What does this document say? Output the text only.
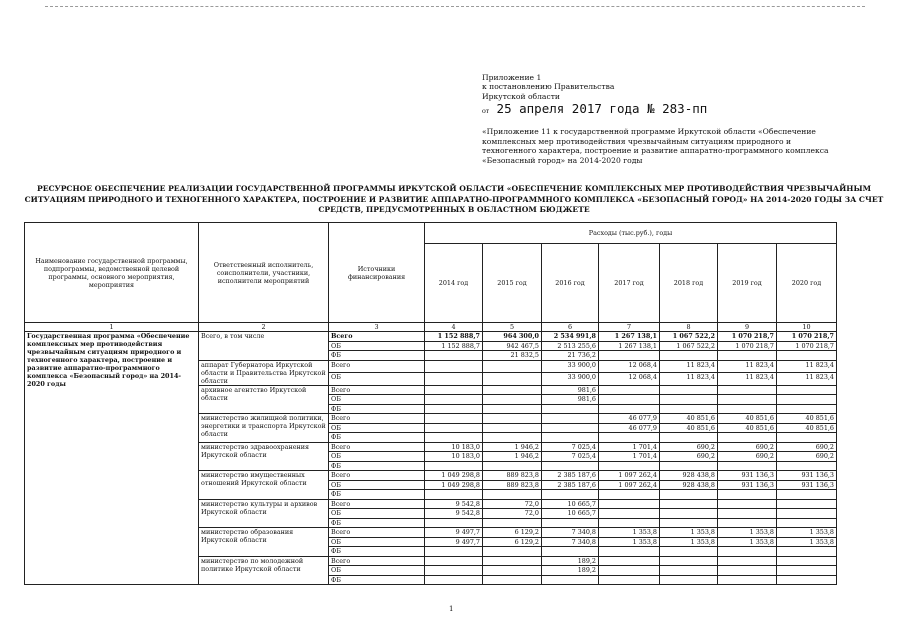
Приложение 1
к постановлению Правительства
Иркутской области
от 25 апреля 2017 года № 283-пп
«Приложение 11 к государственной программе Иркутской области «Обеспечение комплексных мер противодействия чрезвычайным ситуациям природного и техногенного характера, построение и развитие аппаратно-программного комплекса «Безопасный город» на 2014-2020 годы
РЕСУРСНОЕ ОБЕСПЕЧЕНИЕ РЕАЛИЗАЦИИ ГОСУДАРСТВЕННОЙ ПРОГРАММЫ ИРКУТСКОЙ ОБЛАСТИ «ОБЕСПЕЧЕНИЕ КОМПЛЕКСНЫХ МЕР ПРОТИВОДЕЙСТВИЯ ЧРЕЗВЫЧАЙНЫМ СИТУАЦИЯМ ПРИРОДНОГО И ТЕХНОГЕННОГО ХАРАКТЕРА, ПОСТРОЕНИЕ И РАЗВИТИЕ АППАРАТНО-ПРОГРАММНОГО КОМПЛЕКСА «БЕЗОПАСНЫЙ ГОРОД» НА 2014-2020 ГОДЫ ЗА СЧЕТ СРЕДСТВ, ПРЕДУСМОТРЕННЫХ В ОБЛАСТНОМ БЮДЖЕТЕ
Наименование государственной программы, подпрограммы, ведомственной целевой программы, основного мероприятия, мероприятия	Ответственный исполнитель, соисполнители, участники, исполнители мероприятий	Источники финансирования	Расходы (тыс.руб.), годы						
			2014 год	2015 год	2016 год	2017 год	2018 год	2019 год	2020 год
1	2	3	4	5	6	7	8	9	10
Государственная программа «Обеспечение комплексных мер противодействия чрезвычайным ситуациям природного и техногенного характера, построение и развитие аппаратно-программного комплекса «Безопасный город» на 2014-2020 годы	Всего, в том числе	Всего	1 152 888,7	964 300,0	2 534 991,8	1 267 138,1	1 067 522,2	1 070 218,7	1 070 218,7
		ОБ	1 152 888,7	942 467,5	2 513 255,6	1 267 138,1	1 067 522,2	1 070 218,7	1 070 218,7
		ФБ		21 832,5	21 736,2				
	аппарат Губернатора Иркутской области и Правительства Иркутской области	Всего			33 900,0	12 068,4	11 823,4	11 823,4	11 823,4
		ОБ			33 900,0	12 068,4	11 823,4	11 823,4	11 823,4
	архивное агентство Иркутской области	Всего			981,6				
		ОБ			981,6				
		ФБ							
	министерство жилищной политики, энергетики и транспорта Иркутской области	Всего				46 077,9	40 851,6	40 851,6	40 851,6
		ОБ				46 077,9	40 851,6	40 851,6	40 851,6
		ФБ							
	министерство здравоохранения Иркутской области	Всего	10 183,0	1 946,2	7 025,4	1 701,4	690,2	690,2	690,2
		ОБ	10 183,0	1 946,2	7 025,4	1 701,4	690,2	690,2	690,2
		ФБ							
	министерство имущественных отношений Иркутской области	Всего	1 049 298,8	889 823,8	2 385 187,6	1 097 262,4	928 438,8	931 136,3	931 136,3
		ОБ	1 049 298,8	889 823,8	2 385 187,6	1 097 262,4	928 438,8	931 136,3	931 136,3
		ФБ							
	министерство культуры и архивов Иркутской области	Всего	9 542,8	72,0	10 665,7				
		ОБ	9 542,8	72,0	10 665,7				
		ФБ							
	министерство образования Иркутской области	Всего	9 497,7	6 129,2	7 340,8	1 353,8	1 353,8	1 353,8	1 353,8
		ОБ	9 497,7	6 129,2	7 340,8	1 353,8	1 353,8	1 353,8	1 353,8
		ФБ							
	министерство по молодежной политике Иркутской области	Всего			189,2				
		ОБ			189,2				
		ФБ							
1
